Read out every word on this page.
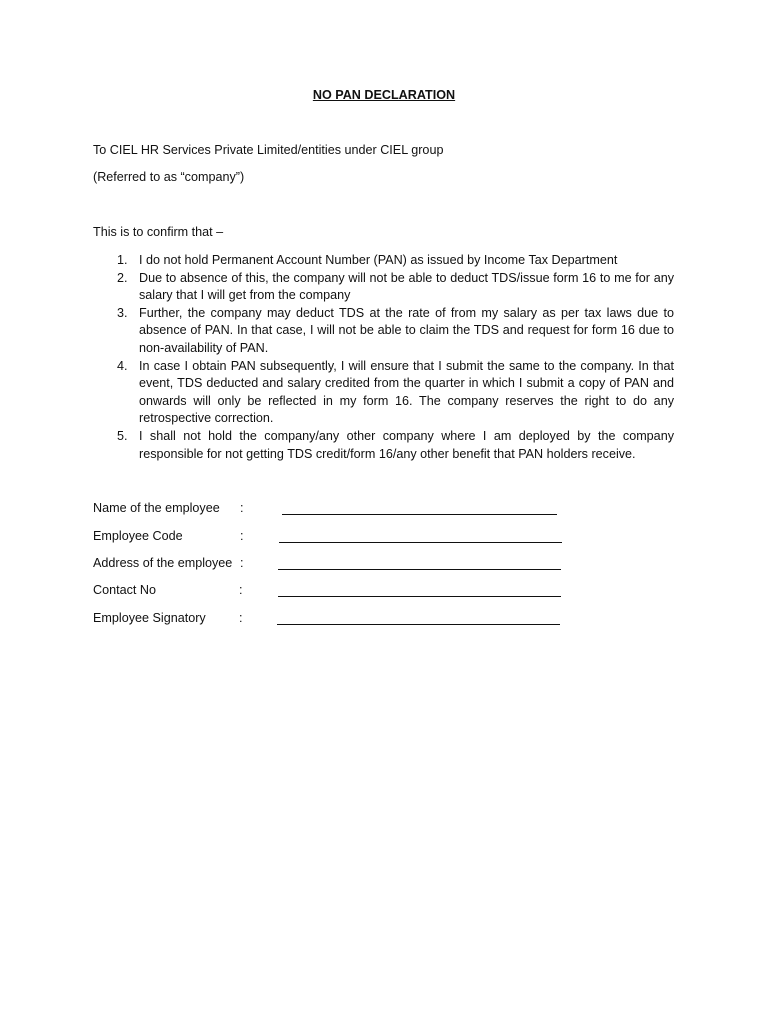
NO PAN DECLARATION
To CIEL HR Services Private Limited/entities under CIEL group
(Referred to as “company”)
This is to confirm that –
1. I do not hold Permanent Account Number (PAN) as issued by Income Tax Department
2. Due to absence of this, the company will not be able to deduct TDS/issue form 16 to me for any salary that I will get from the company
3. Further, the company may deduct TDS at the rate of from my salary as per tax laws due to absence of PAN. In that case, I will not be able to claim the TDS and request for form 16 due to non-availability of PAN.
4. In case I obtain PAN subsequently, I will ensure that I submit the same to the company. In that event, TDS deducted and salary credited from the quarter in which I submit a copy of PAN and onwards will only be reflected in my form 16. The company reserves the right to do any retrospective correction.
5. I shall not hold the company/any other company where I am deployed by the company responsible for not getting TDS credit/form 16/any other benefit that PAN holders receive.
Name of the employee :
Employee Code	:
Address of the employee :
Contact No	:
Employee Signatory	:
